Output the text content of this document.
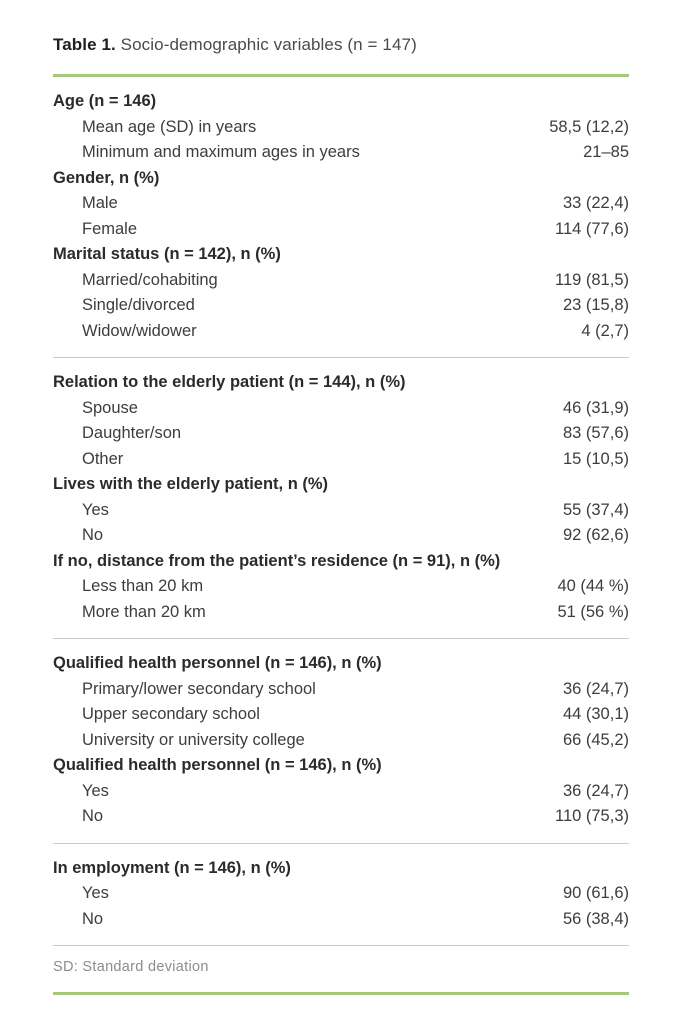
Table 1. Socio-demographic variables (n = 147)
Age (n = 146)
Mean age (SD) in years	58,5 (12,2)
Minimum and maximum ages in years	21–85
Gender, n (%)
Male	33 (22,4)
Female	114 (77,6)
Marital status (n = 142), n (%)
Married/cohabiting	119 (81,5)
Single/divorced	23 (15,8)
Widow/widower	4 (2,7)
Relation to the elderly patient (n = 144), n (%)
Spouse	46 (31,9)
Daughter/son	83 (57,6)
Other	15 (10,5)
Lives with the elderly patient, n (%)
Yes	55 (37,4)
No	92 (62,6)
If no, distance from the patient’s residence (n = 91), n (%)
Less than 20 km	40 (44 %)
More than 20 km	51 (56 %)
Qualified health personnel (n = 146), n (%)
Primary/lower secondary school	36 (24,7)
Upper secondary school	44 (30,1)
University or university college	66 (45,2)
Qualified health personnel (n = 146), n (%)
Yes	36 (24,7)
No	110 (75,3)
In employment (n = 146), n (%)
Yes	90 (61,6)
No	56 (38,4)
SD: Standard deviation
